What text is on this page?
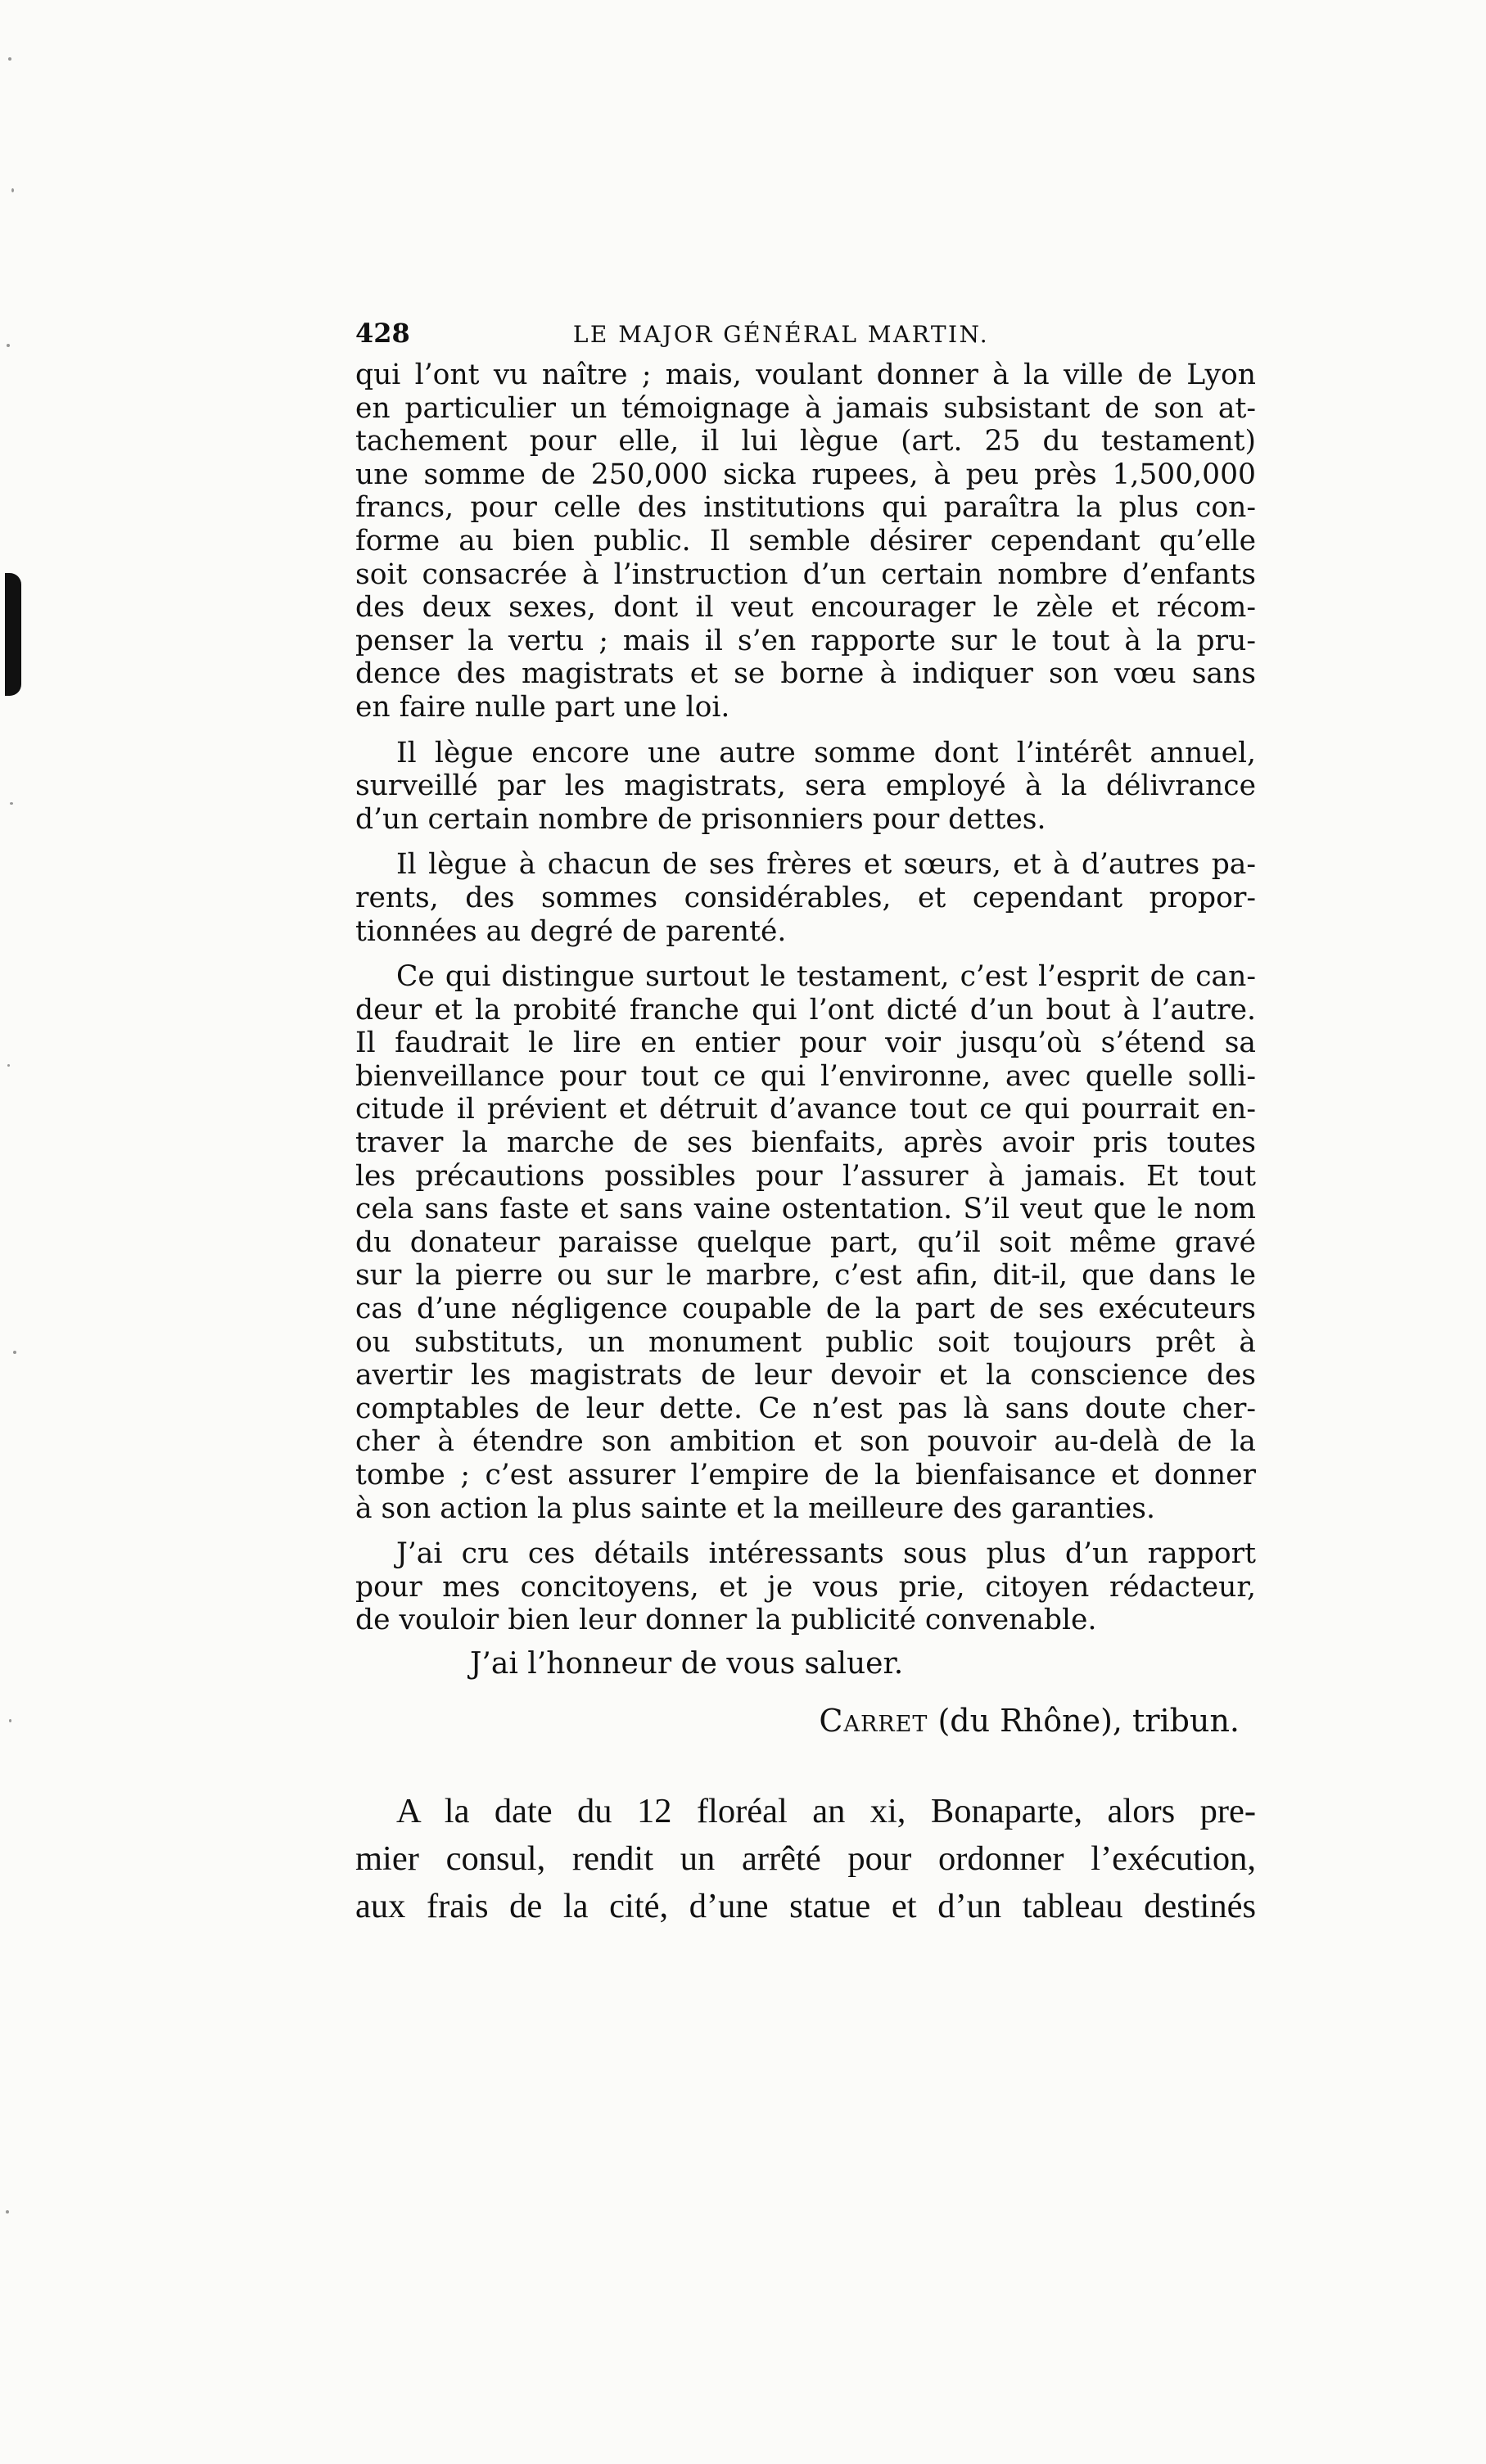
428	LE MAJOR GÉNÉRAL MARTIN.
qui l’ont vu naître ; mais, voulant donner à la ville de Lyon
en particulier un témoignage à jamais subsistant de son at-
tachement pour elle, il lui lègue (art. 25 du testament)
une somme de 250,000 sicka rupees, à peu près 1,500,000
francs, pour celle des institutions qui paraîtra la plus con-
forme au bien public. Il semble désirer cependant qu’elle
soit consacrée à l’instruction d’un certain nombre d’enfants
des deux sexes, dont il veut encourager le zèle et récom-
penser la vertu ; mais il s’en rapporte sur le tout à la pru-
dence des magistrats et se borne à indiquer son vœu sans
en faire nulle part une loi.
Il lègue encore une autre somme dont l’intérêt annuel,
surveillé par les magistrats, sera employé à la délivrance
d’un certain nombre de prisonniers pour dettes.
Il lègue à chacun de ses frères et sœurs, et à d’autres pa-
rents, des sommes considérables, et cependant propor-
tionnées au degré de parenté.
Ce qui distingue surtout le testament, c’est l’esprit de can-
deur et la probité franche qui l’ont dicté d’un bout à l’autre.
Il faudrait le lire en entier pour voir jusqu’où s’étend sa
bienveillance pour tout ce qui l’environne, avec quelle solli-
citude il prévient et détruit d’avance tout ce qui pourrait en-
traver la marche de ses bienfaits, après avoir pris toutes
les précautions possibles pour l’assurer à jamais. Et tout
cela sans faste et sans vaine ostentation. S’il veut que le nom
du donateur paraisse quelque part, qu’il soit même gravé
sur la pierre ou sur le marbre, c’est afin, dit-il, que dans le
cas d’une négligence coupable de la part de ses exécuteurs
ou substituts, un monument public soit toujours prêt à
avertir les magistrats de leur devoir et la conscience des
comptables de leur dette. Ce n’est pas là sans doute cher-
cher à étendre son ambition et son pouvoir au-delà de la
tombe ; c’est assurer l’empire de la bienfaisance et donner
à son action la plus sainte et la meilleure des garanties.
J’ai cru ces détails intéressants sous plus d’un rapport
pour mes concitoyens, et je vous prie, citoyen rédacteur,
de vouloir bien leur donner la publicité convenable.
J’ai l’honneur de vous saluer.
Carret (du Rhône), tribun.
A la date du 12 floréal an xi, Bonaparte, alors pre-
mier consul, rendit un arrêté pour ordonner l’exécution,
aux frais de la cité, d’une statue et d’un tableau destinés
